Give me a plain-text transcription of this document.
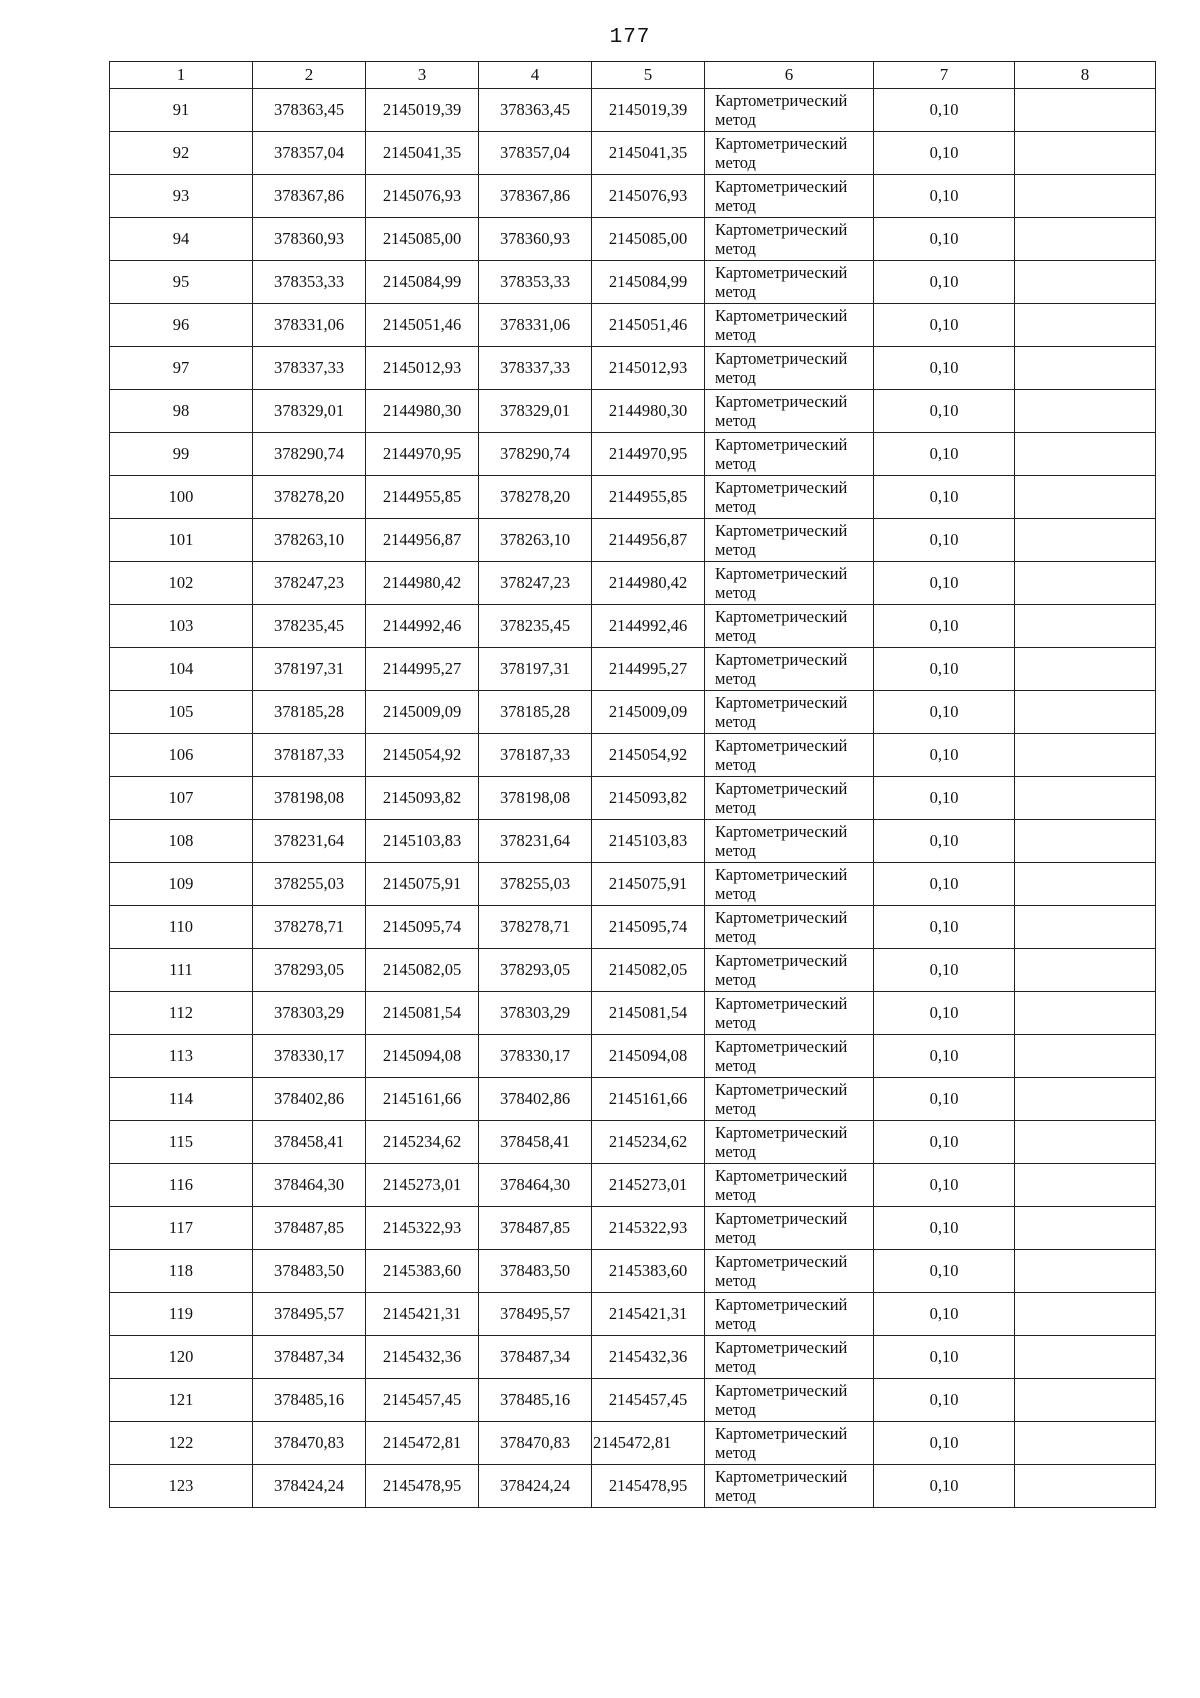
177
1	2	3	4	5	6	7	8
91	378363,45	2145019,39	378363,45	2145019,39	Картометрический метод	0,10	
92	378357,04	2145041,35	378357,04	2145041,35	Картометрический метод	0,10	
93	378367,86	2145076,93	378367,86	2145076,93	Картометрический метод	0,10	
94	378360,93	2145085,00	378360,93	2145085,00	Картометрический метод	0,10	
95	378353,33	2145084,99	378353,33	2145084,99	Картометрический метод	0,10	
96	378331,06	2145051,46	378331,06	2145051,46	Картометрический метод	0,10	
97	378337,33	2145012,93	378337,33	2145012,93	Картометрический метод	0,10	
98	378329,01	2144980,30	378329,01	2144980,30	Картометрический метод	0,10	
99	378290,74	2144970,95	378290,74	2144970,95	Картометрический метод	0,10	
100	378278,20	2144955,85	378278,20	2144955,85	Картометрический метод	0,10	
101	378263,10	2144956,87	378263,10	2144956,87	Картометрический метод	0,10	
102	378247,23	2144980,42	378247,23	2144980,42	Картометрический метод	0,10	
103	378235,45	2144992,46	378235,45	2144992,46	Картометрический метод	0,10	
104	378197,31	2144995,27	378197,31	2144995,27	Картометрический метод	0,10	
105	378185,28	2145009,09	378185,28	2145009,09	Картометрический метод	0,10	
106	378187,33	2145054,92	378187,33	2145054,92	Картометрический метод	0,10	
107	378198,08	2145093,82	378198,08	2145093,82	Картометрический метод	0,10	
108	378231,64	2145103,83	378231,64	2145103,83	Картометрический метод	0,10	
109	378255,03	2145075,91	378255,03	2145075,91	Картометрический метод	0,10	
110	378278,71	2145095,74	378278,71	2145095,74	Картометрический метод	0,10	
111	378293,05	2145082,05	378293,05	2145082,05	Картометрический метод	0,10	
112	378303,29	2145081,54	378303,29	2145081,54	Картометрический метод	0,10	
113	378330,17	2145094,08	378330,17	2145094,08	Картометрический метод	0,10	
114	378402,86	2145161,66	378402,86	2145161,66	Картометрический метод	0,10	
115	378458,41	2145234,62	378458,41	2145234,62	Картометрический метод	0,10	
116	378464,30	2145273,01	378464,30	2145273,01	Картометрический метод	0,10	
117	378487,85	2145322,93	378487,85	2145322,93	Картометрический метод	0,10	
118	378483,50	2145383,60	378483,50	2145383,60	Картометрический метод	0,10	
119	378495,57	2145421,31	378495,57	2145421,31	Картометрический метод	0,10	
120	378487,34	2145432,36	378487,34	2145432,36	Картометрический метод	0,10	
121	378485,16	2145457,45	378485,16	2145457,45	Картометрический метод	0,10	
122	378470,83	2145472,81	378470,83	2145472,81	Картометрический метод	0,10	
123	378424,24	2145478,95	378424,24	2145478,95	Картометрический метод	0,10	
